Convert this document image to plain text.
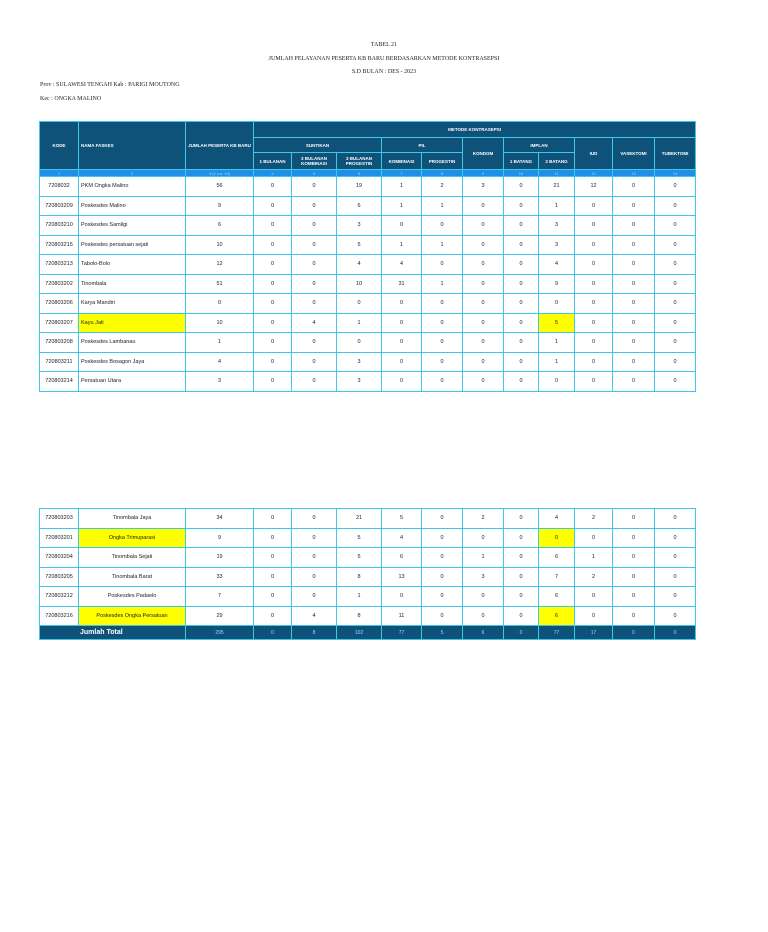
TABEL 21
JUMLAH PELAYANAN PESERTA KB BARU BERDASARKAN METODE KONTRASEPSI
S.D BULAN : DES - 2023
Prov : SULAWESI TENGAH Kab : PARIGI MOUTONG
Kec : ONGKA MALINO
KODE	NAMA FASKES	JUMLAH PESERTA KB BARU	METODE KONTRASEPSI										
			SUNTIKAN			PIL		KONDOM	IMPLAN		IUD	VASEKTOMI	TUBEKTOMI
			1 BULANAN	3 BULANAN KOMBINASI	3 BULANAN PROGESTIN	KOMBINASI	PROGESTIN		1 BATANG	2 BATANG			
1	2	3 (4 s.d. 14)	4	5	6	7	8	9	10	11	12	13	14
7208032	PKM Ongka Malino	56	0	0	19	1	2	3	0	21	12	0	0
720803209	Poskesdes Malino	9	0	0	6	1	1	0	0	1	0	0	0
720803210	Poskesdes Samligi	6	0	0	3	0	0	0	0	3	0	0	0
720803215	Poskesdes persatuan sejati	10	0	0	5	1	1	0	0	3	0	0	0
720803213	Tabolo-Bolo	12	0	0	4	4	0	0	0	4	0	0	0
720803202	Tinombala	51	0	0	10	31	1	0	0	9	0	0	0
720803206	Karya Mandiri	0	0	0	0	0	0	0	0	0	0	0	0
720803207	Kayu Jati	10	0	4	1	0	0	0	0	5	0	0	0
720803208	Poskesdes Lambanau	1	0	0	0	0	0	0	0	1	0	0	0
720803211	Poskesdes Bosagon Jaya	4	0	0	3	0	0	0	0	1	0	0	0
720803214	Persatuan Utara	3	0	0	3	0	0	0	0	0	0	0	0
720803203	Tinombala Jaya	34	0	0	21	5	0	2	0	4	2	0	0
720803201	Ongka Trimuparasi	9	0	0	5	4	0	0	0	0	0	0	0
720803204	Tinombala Sejati	19	0	0	5	6	0	1	0	6	1	0	0
720803205	Tinombala Barat	33	0	0	8	13	0	3	0	7	2	0	0
720803212	Poskesdes Padaelo	7	0	0	1	0	0	0	0	6	0	0	0
720803216	Poskesdes Ongka Persatuan	29	0	4	8	11	0	0	0	6	0	0	0
Jumlah Total		295	0	8	102	77	5	6	0	77	17	0	0
